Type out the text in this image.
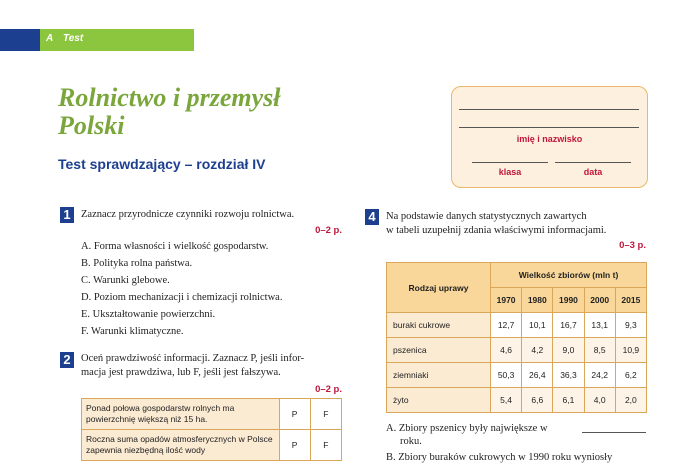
A Test
Rolnictwo i przemysł
Polski
Test sprawdzający – rozdział IV
imię i nazwisko
klasa	data
1 Zaznacz przyrodnicze czynniki rozwoju rolnictwa.
0–2 p.
A. Forma własności i wielkość gospodarstw.
B. Polityka rolna państwa.
C. Warunki glebowe.
D. Poziom mechanizacji i chemizacji rolnictwa.
E. Ukształtowanie powierzchni.
F. Warunki klimatyczne.
2 Oceń prawdziwość informacji. Zaznacz P, jeśli infor-
macja jest prawdziwa, lub F, jeśli jest fałszywa.
0–2 p.
Ponad połowa gospodarstw rolnych ma powierzchnię większą niż 15 ha.	P	F
Roczna suma opadów atmosferycznych w Polsce zapewnia niezbędną ilość wody	P	F
4 Na podstawie danych statystycznych zawartych
w tabeli uzupełnij zdania właściwymi informacjami.
0–3 p.
Rodzaj uprawy	Wielkość zbiorów (mln t)				
	1970	1980	1990	2000	2015
buraki cukrowe	12,7	10,1	16,7	13,1	9,3
pszenica	4,6	4,2	9,0	8,5	10,9
ziemniaki	50,3	26,4	36,3	24,2	6,2
żyto	5,4	6,6	6,1	4,0	2,0
A. Zbiory pszenicy były największe w
roku.
B. Zbiory buraków cukrowych w 1990 roku wyniosły
